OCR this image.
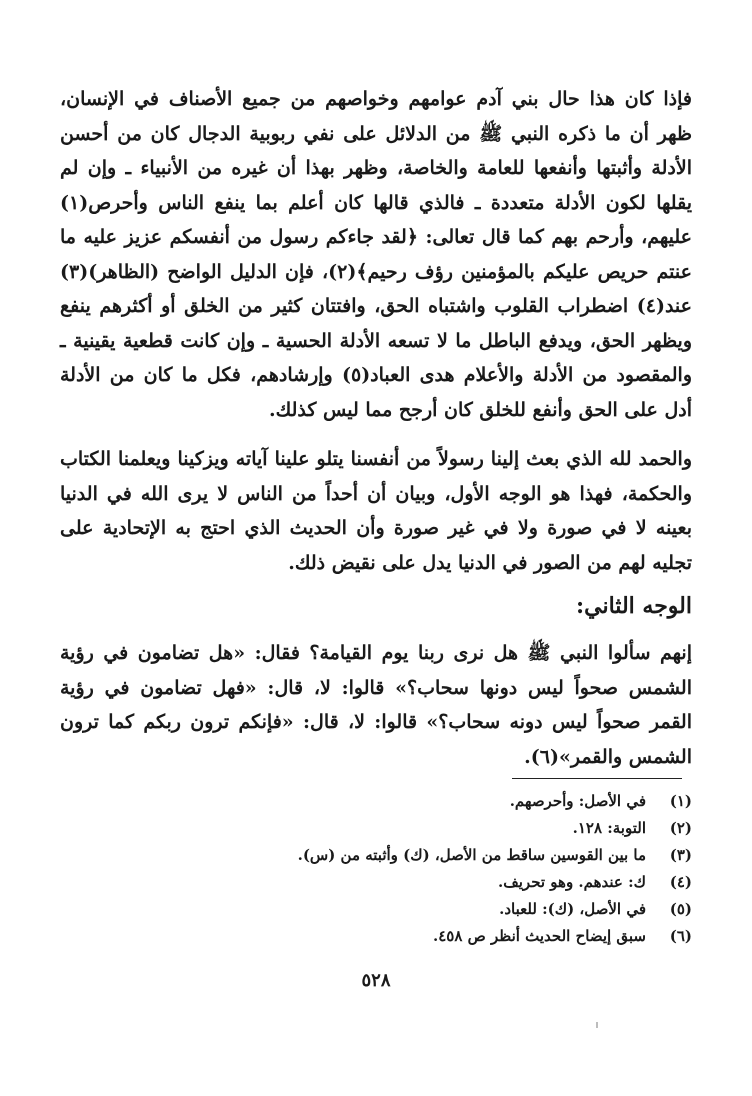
فإذا كان هذا حال بني آدم عوامهم وخواصهم من جميع الأصناف في الإنسان، ظهر أن ما ذكره النبي ﷺ من الدلائل على نفي ربوبية الدجال كان من أحسن الأدلة وأثبتها وأنفعها للعامة والخاصة، وظهر بهذا أن غيره من الأنبياء ـ وإن لم يقلها لكون الأدلة متعددة ـ فالذي قالها كان أعلم بما ينفع الناس وأحرص(١) عليهم، وأرحم بهم كما قال تعالى: ﴿لقد جاءكم رسول من أنفسكم عزيز عليه ما عنتم حريص عليكم بالمؤمنين رؤف رحيم﴾(٢)، فإن الدليل الواضح (الظاهر)(٣) عند(٤) اضطراب القلوب واشتباه الحق، وافتتان كثير من الخلق أو أكثرهم ينفع ويظهر الحق، ويدفع الباطل ما لا تسعه الأدلة الحسية ـ وإن كانت قطعية يقينية ـ والمقصود من الأدلة والأعلام هدى العباد(٥) وإرشادهم، فكل ما كان من الأدلة أدل على الحق وأنفع للخلق كان أرجح مما ليس كذلك.

والحمد لله الذي بعث إلينا رسولاً من أنفسنا يتلو علينا آياته ويزكينا ويعلمنا الكتاب والحكمة، فهذا هو الوجه الأول، وبيان أن أحداً من الناس لا يرى الله في الدنيا بعينه لا في صورة ولا في غير صورة وأن الحديث الذي احتج به الإتحادية على تجليه لهم من الصور في الدنيا يدل على نقيض ذلك.

الوجه الثاني:

إنهم سألوا النبي ﷺ هل نرى ربنا يوم القيامة؟ فقال: «هل تضامون في رؤية الشمس صحواً ليس دونها سحاب؟» قالوا: لا، قال: «فهل تضامون في رؤية القمر صحواً ليس دونه سحاب؟» قالوا: لا، قال: «فإنكم ترون ربكم كما ترون الشمس والقمر»(٦).

(١)
في الأصل: وأحرصهم.
(٢)
التوبة: ١٢٨.
(٣)
ما بين القوسين ساقط من الأصل، (ك) وأثبته من (س).
(٤)
ك: عندهم. وهو تحريف.
(٥)
في الأصل، (ك): للعباد.
(٦)
سبق إيضاح الحديث أنظر ص ٤٥٨.

٥٢٨
